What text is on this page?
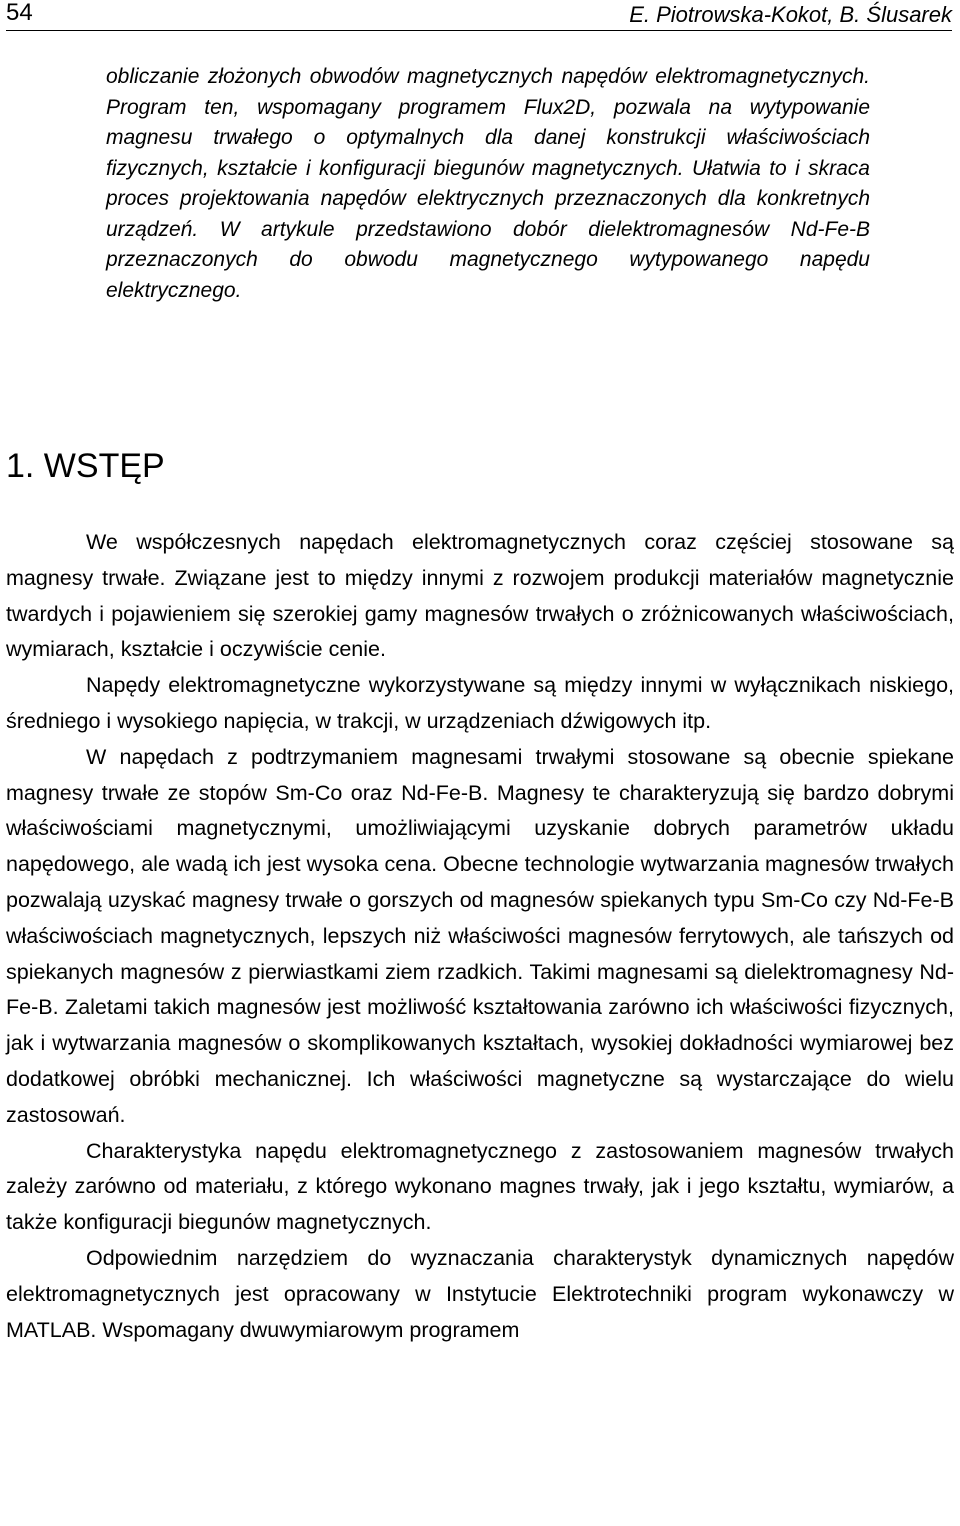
54	E. Piotrowska-Kokot, B. Ślusarek

obliczanie złożonych obwodów magnetycznych napędów elektromagnetycznych. Program ten, wspomagany programem Flux2D, pozwala na wytypowanie magnesu trwałego o optymalnych dla danej konstrukcji właściwościach fizycznych, kształcie i konfiguracji biegunów magnetycznych. Ułatwia to i skraca proces projektowania napędów elektrycznych przeznaczonych dla konkretnych urządzeń. W artykule przedstawiono dobór dielektromagnesów Nd-Fe-B przeznaczonych do obwodu magnetycznego wytypowanego napędu elektrycznego.

1. WSTĘP

We współczesnych napędach elektromagnetycznych coraz częściej stosowane są magnesy trwałe. Związane jest to między innymi z rozwojem produkcji materiałów magnetycznie twardych i pojawieniem się szerokiej gamy magnesów trwałych o zróżnicowanych właściwościach, wymiarach, kształcie i oczywiście cenie.

Napędy elektromagnetyczne wykorzystywane są między innymi w wyłącznikach niskiego, średniego i wysokiego napięcia, w trakcji, w urządzeniach dźwigowych itp.

W napędach z podtrzymaniem magnesami trwałymi stosowane są obecnie spiekane magnesy trwałe ze stopów Sm-Co oraz Nd-Fe-B. Magnesy te charakteryzują się bardzo dobrymi właściwościami magnetycznymi, umożliwiającymi uzyskanie dobrych parametrów układu napędowego, ale wadą ich jest wysoka cena. Obecne technologie wytwarzania magnesów trwałych pozwalają uzyskać magnesy trwałe o gorszych od magnesów spiekanych typu Sm-Co czy Nd-Fe-B właściwościach magnetycznych, lepszych niż właściwości magnesów ferrytowych, ale tańszych od spiekanych magnesów z pierwiastkami ziem rzadkich. Takimi magnesami są dielektromagnesy Nd-Fe-B. Zaletami takich magnesów jest możliwość kształtowania zarówno ich właściwości fizycznych, jak i wytwarzania magnesów o skomplikowanych kształtach, wysokiej dokładności wymiarowej bez dodatkowej obróbki mechanicznej. Ich właściwości magnetyczne są wystarczające do wielu zastosowań.

Charakterystyka napędu elektromagnetycznego z zastosowaniem magnesów trwałych zależy zarówno od materiału, z którego wykonano magnes trwały, jak i jego kształtu, wymiarów, a także konfiguracji biegunów magnetycznych.

Odpowiednim narzędziem do wyznaczania charakterystyk dynamicznych napędów elektromagnetycznych jest opracowany w Instytucie Elektrotechniki program wykonawczy w MATLAB. Wspomagany dwuwymiarowym programem
